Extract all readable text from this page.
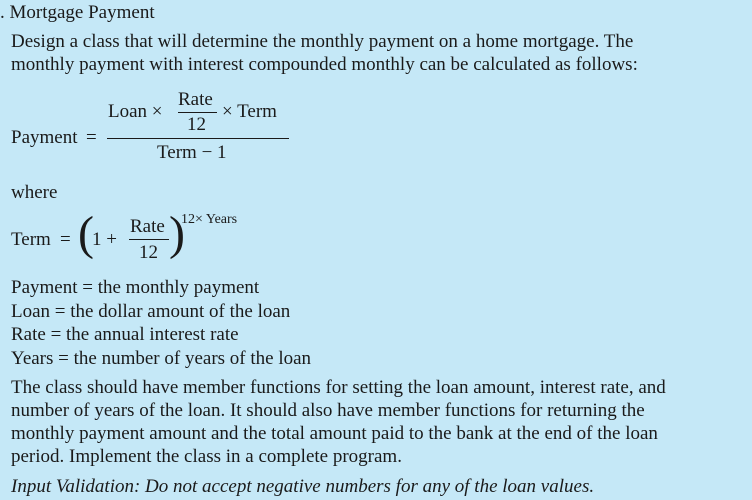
. Mortgage Payment
Design a class that will determine the monthly payment on a home mortgage. The
monthly payment with interest compounded monthly can be calculated as follows:
Payment =
Loan ×
Rate
12
× Term
Term − 1
where
Term = (
1 +
Rate
12 )
12× Years
Payment = the monthly payment
Loan = the dollar amount of the loan
Rate = the annual interest rate
Years = the number of years of the loan
The class should have member functions for setting the loan amount, interest rate, and
number of years of the loan. It should also have member functions for returning the
monthly payment amount and the total amount paid to the bank at the end of the loan
period. Implement the class in a complete program.
Input Validation: Do not accept negative numbers for any of the loan values.
